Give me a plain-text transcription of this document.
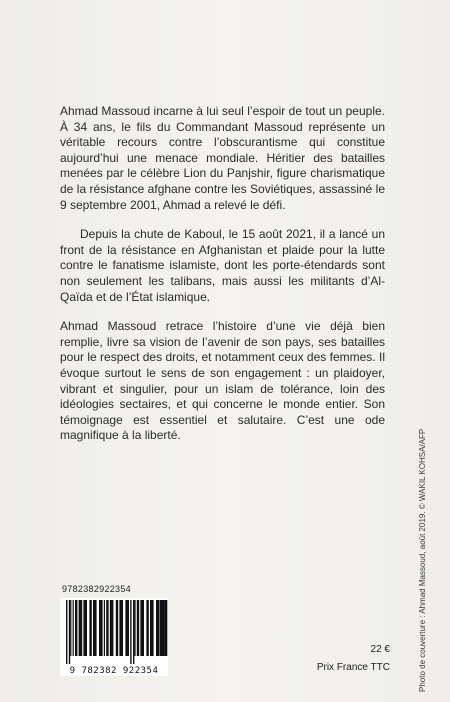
Ahmad Massoud incarne à lui seul l’espoir de tout un peuple. À 34 ans, le fils du Commandant Massoud représente un véritable recours contre l’obscurantisme qui constitue aujourd’hui une menace mondiale. Héritier des batailles menées par le célèbre Lion du Panjshir, figure charismatique de la résistance afghane contre les Soviétiques, assassiné le 9 septembre 2001, Ahmad a relevé le défi.

Depuis la chute de Kaboul, le 15 août 2021, il a lancé un front de la résistance en Afghanistan et plaide pour la lutte contre le fanatisme islamiste, dont les porte-étendards sont non seulement les talibans, mais aussi les militants d’Al-Qaïda et de l’État islamique.

Ahmad Massoud retrace l’histoire d’une vie déjà bien remplie, livre sa vision de l’avenir de son pays, ses batailles pour le respect des droits, et notamment ceux des femmes. Il évoque surtout le sens de son engagement : un plaidoyer, vibrant et singulier, pour un islam de tolérance, loin des idéologies sectaires, et qui concerne le monde entier. Son témoignage est essentiel et salutaire. C’est une ode magnifique à la liberté.	Photo de couverture : Ahmad Massoud, août 2019. © WAKIL KOHSA/AFP
9782382922354
9 782382 922354
22 €
Prix France TTC
